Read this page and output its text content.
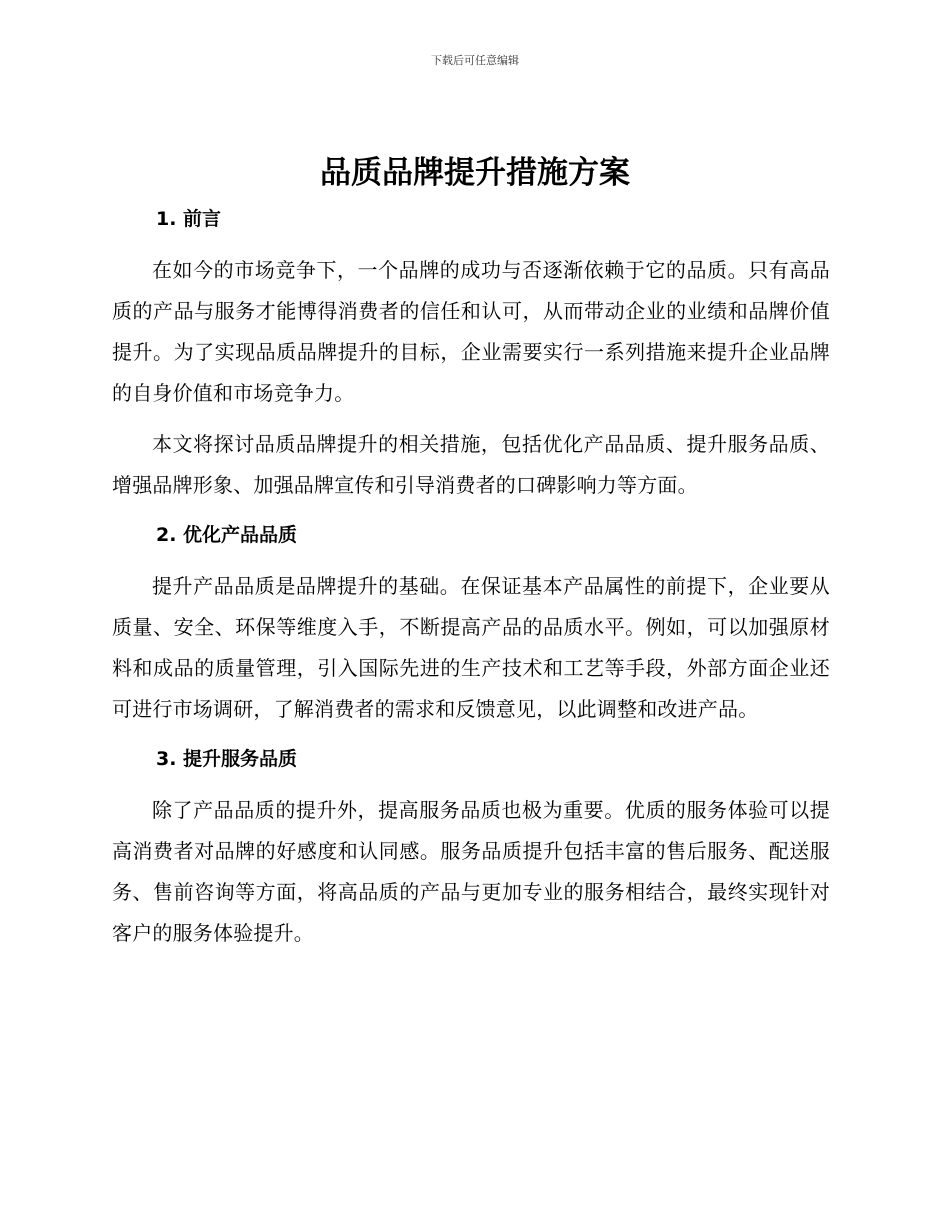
下载后可任意编辑
品质品牌提升措施方案
1. 前言

在如今的市场竞争下，一个品牌的成功与否逐渐依赖于它的品质。只有高品质的产品与服务才能博得消费者的信任和认可，从而带动企业的业绩和品牌价值提升。为了实现品质品牌提升的目标，企业需要实行一系列措施来提升企业品牌的自身价值和市场竞争力。

本文将探讨品质品牌提升的相关措施，包括优化产品品质、提升服务品质、增强品牌形象、加强品牌宣传和引导消费者的口碑影响力等方面。

2. 优化产品品质

提升产品品质是品牌提升的基础。在保证基本产品属性的前提下，企业要从质量、安全、环保等维度入手，不断提高产品的品质水平。例如，可以加强原材料和成品的质量管理，引入国际先进的生产技术和工艺等手段，外部方面企业还可进行市场调研，了解消费者的需求和反馈意见，以此调整和改进产品。

3. 提升服务品质

除了产品品质的提升外，提高服务品质也极为重要。优质的服务体验可以提高消费者对品牌的好感度和认同感。服务品质提升包括丰富的售后服务、配送服务、售前咨询等方面，将高品质的产品与更加专业的服务相结合，最终实现针对客户的服务体验提升。
